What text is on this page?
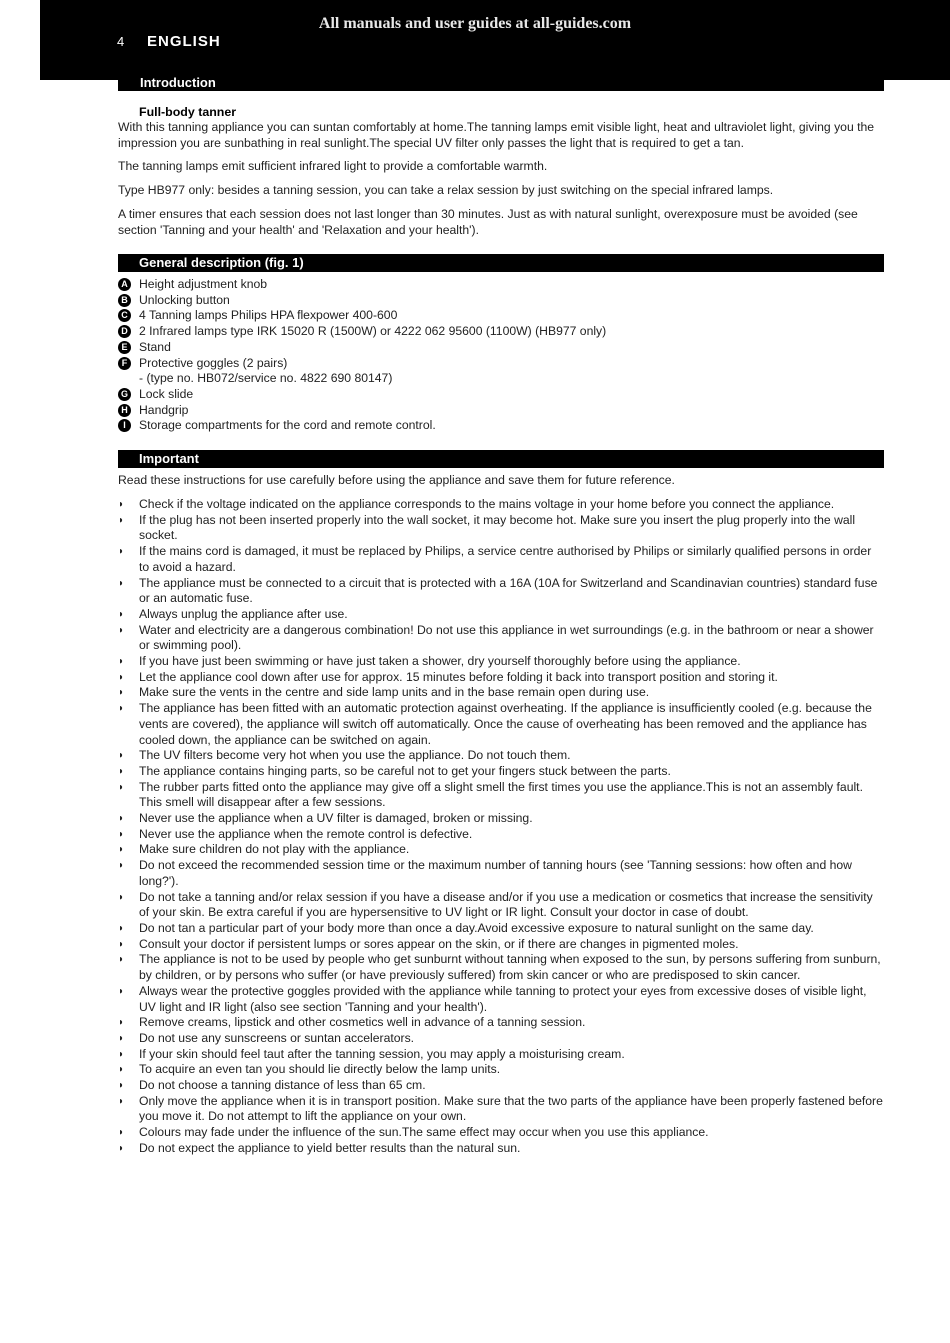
All manuals and user guides at all-guides.com
4 ENGLISH
Introduction
Full-body tanner

With this tanning appliance you can suntan comfortably at home.The tanning lamps emit visible light, heat and ultraviolet light, giving you the impression you are sunbathing in real sunlight.The special UV filter only passes the light that is required to get a tan.

The tanning lamps emit sufficient infrared light to provide a comfortable warmth.

Type HB977 only: besides a tanning session, you can take a relax session by just switching on the special infrared lamps.

A timer ensures that each session does not last longer than 30 minutes. Just as with natural sunlight, overexposure must be avoided (see section 'Tanning and your health' and 'Relaxation and your health').

General description (fig. 1)
A Height adjustment knob
B Unlocking button
C 4 Tanning lamps Philips HPA flexpower 400-600
D 2 Infrared lamps type IRK 15020 R (1500W) or 4222 062 95600 (1100W) (HB977 only)
E Stand
F Protective goggles (2 pairs)
- (type no. HB072/service no. 4822 690 80147)
G Lock slide
H Handgrip
I	Storage compartments for the cord and remote control.
Important
Read these instructions for use carefully before using the appliance and save them for future reference.
◗	Check if the voltage indicated on the appliance corresponds to the mains voltage in your home before you connect the appliance.
◗	If the plug has not been inserted properly into the wall socket, it may become hot. Make sure you insert the plug properly into the wall socket.
◗	If the mains cord is damaged, it must be replaced by Philips, a service centre authorised by Philips or similarly qualified persons in order to avoid a hazard.
◗	The appliance must be connected to a circuit that is protected with a 16A (10A for Switzerland and Scandinavian countries) standard fuse or an automatic fuse.
◗	Always unplug the appliance after use.
◗	Water and electricity are a dangerous combination! Do not use this appliance in wet surroundings (e.g. in the bathroom or near a shower or swimming pool).
◗	If you have just been swimming or have just taken a shower, dry yourself thoroughly before using the appliance.
◗	Let the appliance cool down after use for approx. 15 minutes before folding it back into transport position and storing it.
◗	Make sure the vents in the centre and side lamp units and in the base remain open during use.
◗	The appliance has been fitted with an automatic protection against overheating. If the appliance is insufficiently cooled (e.g. because the vents are covered), the appliance will switch off automatically. Once the cause of overheating has been removed and the appliance has cooled down, the appliance can be switched on again.
◗	The UV filters become very hot when you use the appliance. Do not touch them.
◗	The appliance contains hinging parts, so be careful not to get your fingers stuck between the parts.
◗	The rubber parts fitted onto the appliance may give off a slight smell the first times you use the appliance.This is not an assembly fault. This smell will disappear after a few sessions.
◗	Never use the appliance when a UV filter is damaged, broken or missing.
◗	Never use the appliance when the remote control is defective.
◗	Make sure children do not play with the appliance.
◗	Do not exceed the recommended session time or the maximum number of tanning hours (see 'Tanning sessions: how often and how long?').
◗	Do not take a tanning and/or relax session if you have a disease and/or if you use a medication or cosmetics that increase the sensitivity of your skin. Be extra careful if you are hypersensitive to UV light or IR light. Consult your doctor in case of doubt.
◗	Do not tan a particular part of your body more than once a day.Avoid excessive exposure to natural sunlight on the same day.
◗	Consult your doctor if persistent lumps or sores appear on the skin, or if there are changes in pigmented moles.
◗	The appliance is not to be used by people who get sunburnt without tanning when exposed to the sun, by persons suffering from sunburn, by children, or by persons who suffer (or have previously suffered) from skin cancer or who are predisposed to skin cancer.
◗	Always wear the protective goggles provided with the appliance while tanning to protect your eyes from excessive doses of visible light, UV light and IR light (also see section 'Tanning and your health').
◗	Remove creams, lipstick and other cosmetics well in advance of a tanning session.
◗	Do not use any sunscreens or suntan accelerators.
◗	If your skin should feel taut after the tanning session, you may apply a moisturising cream.
◗	To acquire an even tan you should lie directly below the lamp units.
◗	Do not choose a tanning distance of less than 65 cm.
◗	Only move the appliance when it is in transport position. Make sure that the two parts of the appliance have been properly fastened before you move it. Do not attempt to lift the appliance on your own.
◗	Colours may fade under the influence of the sun.The same effect may occur when you use this appliance.
◗	Do not expect the appliance to yield better results than the natural sun.
